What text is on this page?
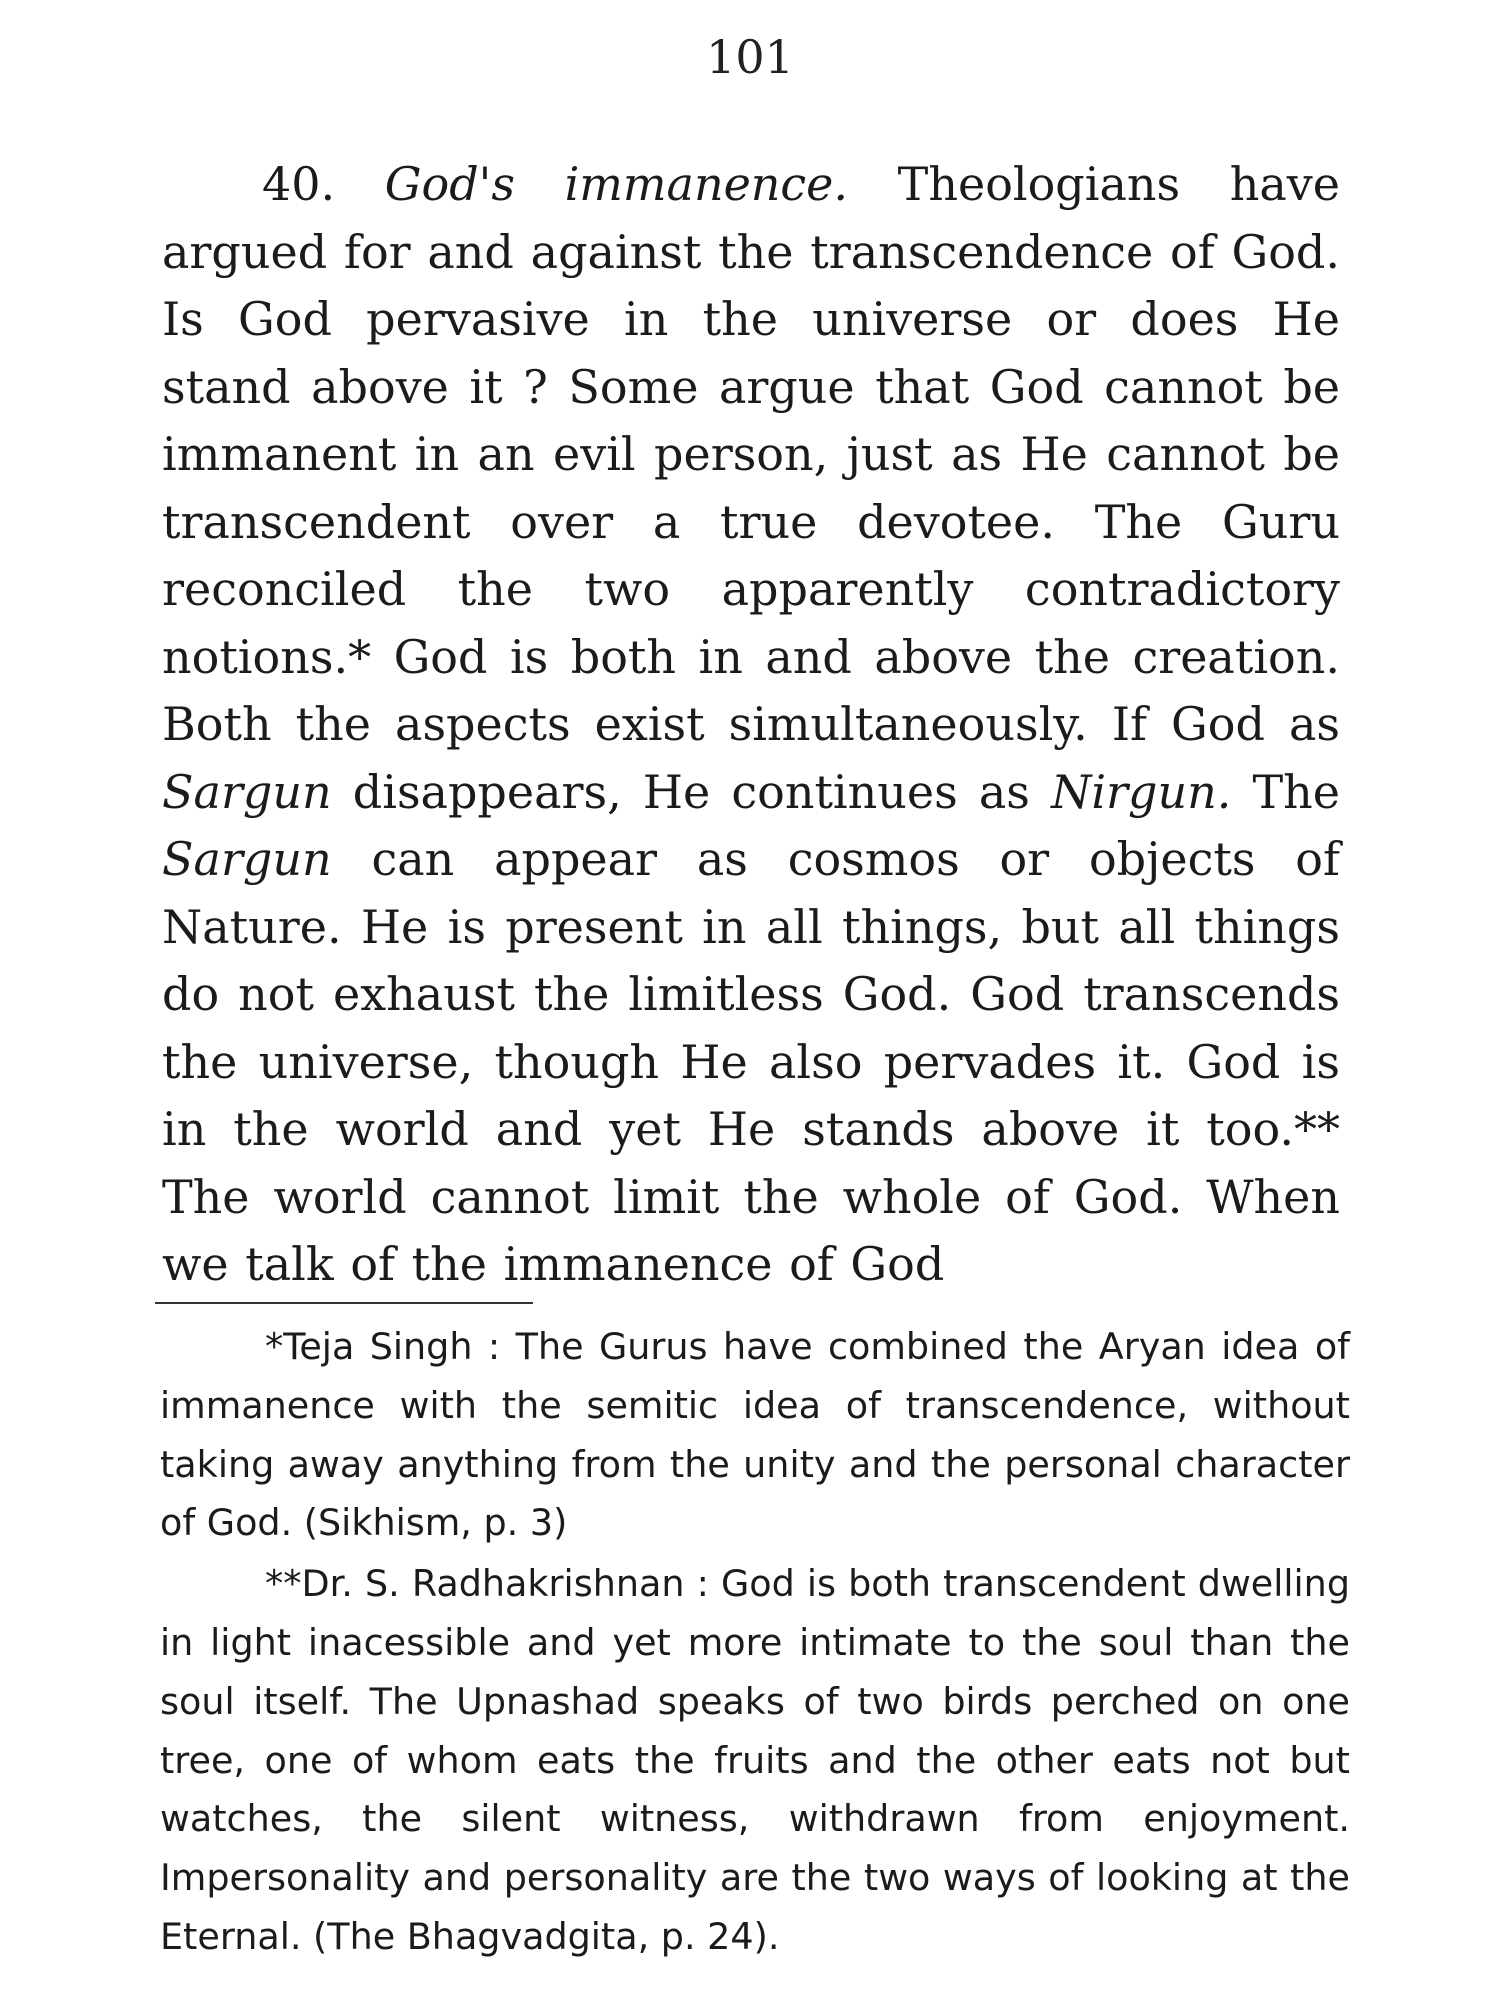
101
40. God's immanence. Theologians have argued for and against the transcendence of God. Is God pervasive in the universe or does He stand above it ? Some argue that God cannot be immanent in an evil person, just as He cannot be transcendent over a true devotee. The Guru reconciled the two apparently contradictory notions.* God is both in and above the creation. Both the aspects exist simultaneously. If God as Sargun disappears, He continues as Nirgun. The Sargun can appear as cosmos or objects of Nature. He is present in all things, but all things do not exhaust the limitless God. God transcends the universe, though He also pervades it. God is in the world and yet He stands above it too.** The world cannot limit the whole of God. When we talk of the immanence of God

*Teja Singh : The Gurus have combined the Aryan idea of immanence with the semitic idea of transcendence, without taking away anything from the unity and the personal character of God. (Sikhism, p. 3)

**Dr. S. Radhakrishnan : God is both transcendent dwelling in light inacessible and yet more intimate to the soul than the soul itself. The Upnashad speaks of two birds perched on one tree, one of whom eats the fruits and the other eats not but watches, the silent witness, withdrawn from enjoyment. Impersonality and personality are the two ways of looking at the Eternal. (The Bhagvadgita, p. 24).
